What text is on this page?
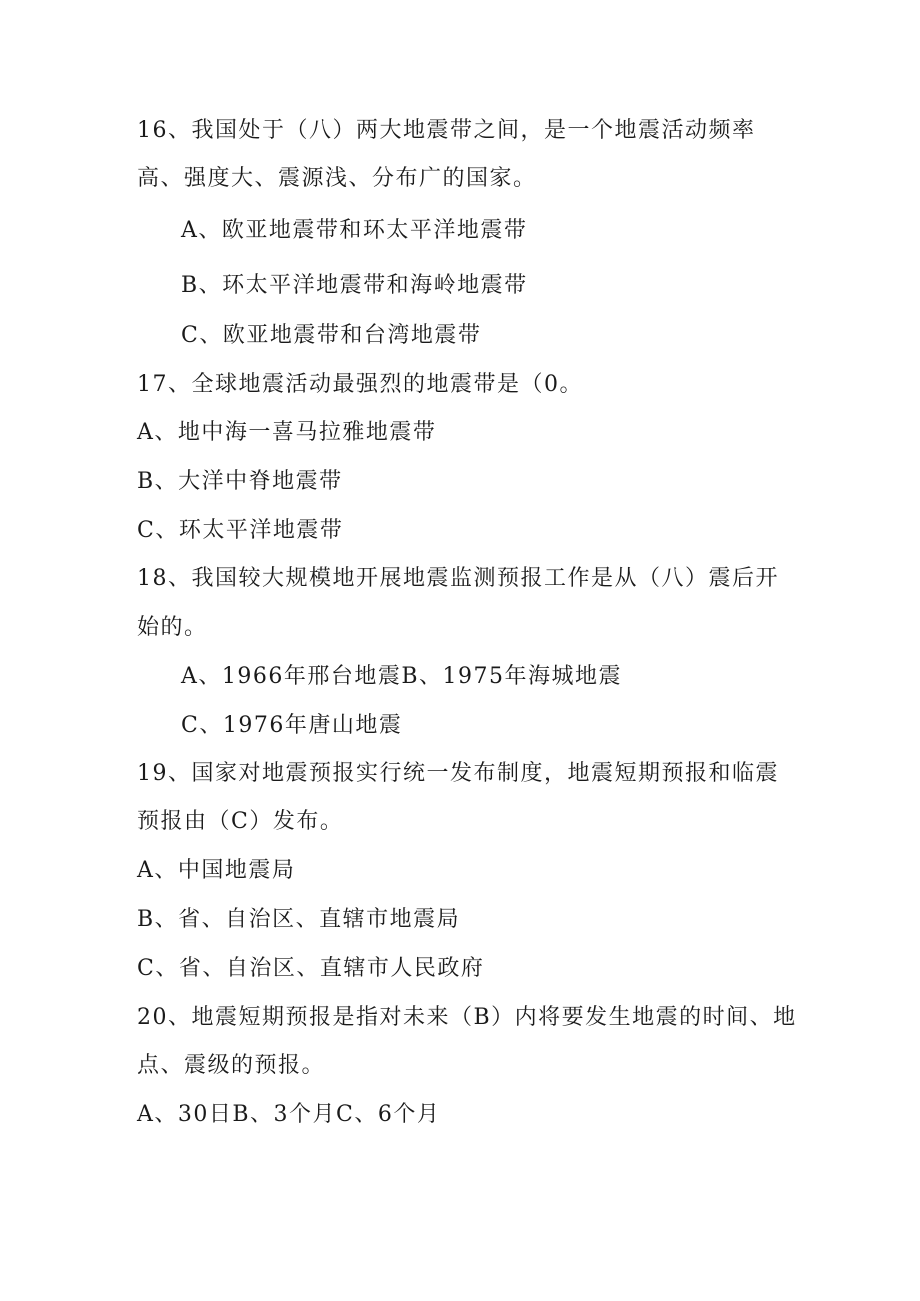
16、我国处于（八）两大地震带之间，是一个地震活动频率
高、强度大、震源浅、分布广的国家。
A、欧亚地震带和环太平洋地震带
B、环太平洋地震带和海岭地震带
C、欧亚地震带和台湾地震带
17、全球地震活动最强烈的地震带是（0。
A、地中海一喜马拉雅地震带
B、大洋中脊地震带
C、环太平洋地震带
18、我国较大规模地开展地震监测预报工作是从（八）震后开
始的。
A、1966年邢台地震B、1975年海城地震
C、1976年唐山地震
19、国家对地震预报实行统一发布制度，地震短期预报和临震
预报由（C）发布。
A、中国地震局
B、省、自治区、直辖市地震局
C、省、自治区、直辖市人民政府
20、地震短期预报是指对未来（B）内将要发生地震的时间、地
点、震级的预报。
A、30日B、3个月C、6个月
